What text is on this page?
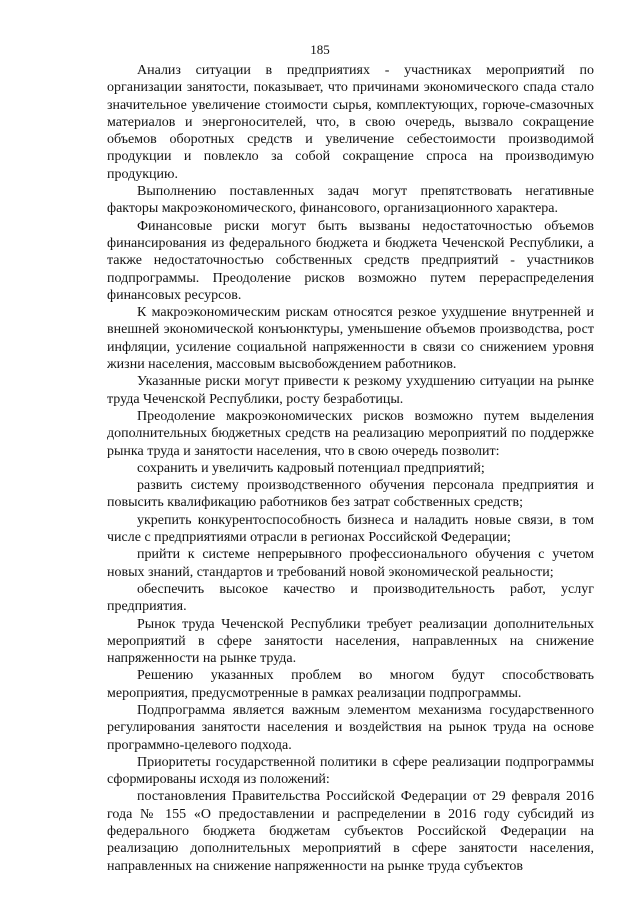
185

Анализ ситуации в предприятиях - участниках мероприятий по организации занятости, показывает, что причинами экономического спада стало значительное увеличение стоимости сырья, комплектующих, горюче-смазочных материалов и энергоносителей, что, в свою очередь, вызвало сокращение объемов оборотных средств и увеличение себестоимости производимой продукции и повлекло за собой сокращение спроса на производимую продукцию.

Выполнению поставленных задач могут препятствовать негативные факторы макроэкономического, финансового, организационного характера.

Финансовые риски могут быть вызваны недостаточностью объемов финансирования из федерального бюджета и бюджета Чеченской Республики, а также недостаточностью собственных средств предприятий - участников подпрограммы. Преодоление рисков возможно путем перераспределения финансовых ресурсов.

К макроэкономическим рискам относятся резкое ухудшение внутренней и внешней экономической конъюнктуры, уменьшение объемов производства, рост инфляции, усиление социальной напряженности в связи со снижением уровня жизни населения, массовым высвобождением работников.

Указанные риски могут привести к резкому ухудшению ситуации на рынке труда Чеченской Республики, росту безработицы.

Преодоление макроэкономических рисков возможно путем выделения дополнительных бюджетных средств на реализацию мероприятий по поддержке рынка труда и занятости населения, что в свою очередь позволит:

сохранить и увеличить кадровый потенциал предприятий;

развить систему производственного обучения персонала предприятия и повысить квалификацию работников без затрат собственных средств;

укрепить конкурентоспособность бизнеса и наладить новые связи, в том числе с предприятиями отрасли в регионах Российской Федерации;

прийти к системе непрерывного профессионального обучения с учетом новых знаний, стандартов и требований новой экономической реальности;

обеспечить высокое качество и производительность работ, услуг предприятия.

Рынок труда Чеченской Республики требует реализации дополнительных мероприятий в сфере занятости населения, направленных на снижение напряженности на рынке труда.

Решению указанных проблем во многом будут способствовать мероприятия, предусмотренные в рамках реализации подпрограммы.

Подпрограмма является важным элементом механизма государственного регулирования занятости населения и воздействия на рынок труда на основе программно-целевого подхода.

Приоритеты государственной политики в сфере реализации подпрограммы сформированы исходя из положений:

постановления Правительства Российской Федерации от 29 февраля 2016 года № 155 «О предоставлении и распределении в 2016 году субсидий из федерального бюджета бюджетам субъектов Российской Федерации на реализацию дополнительных мероприятий в сфере занятости населения, направленных на снижение напряженности на рынке труда субъектов
